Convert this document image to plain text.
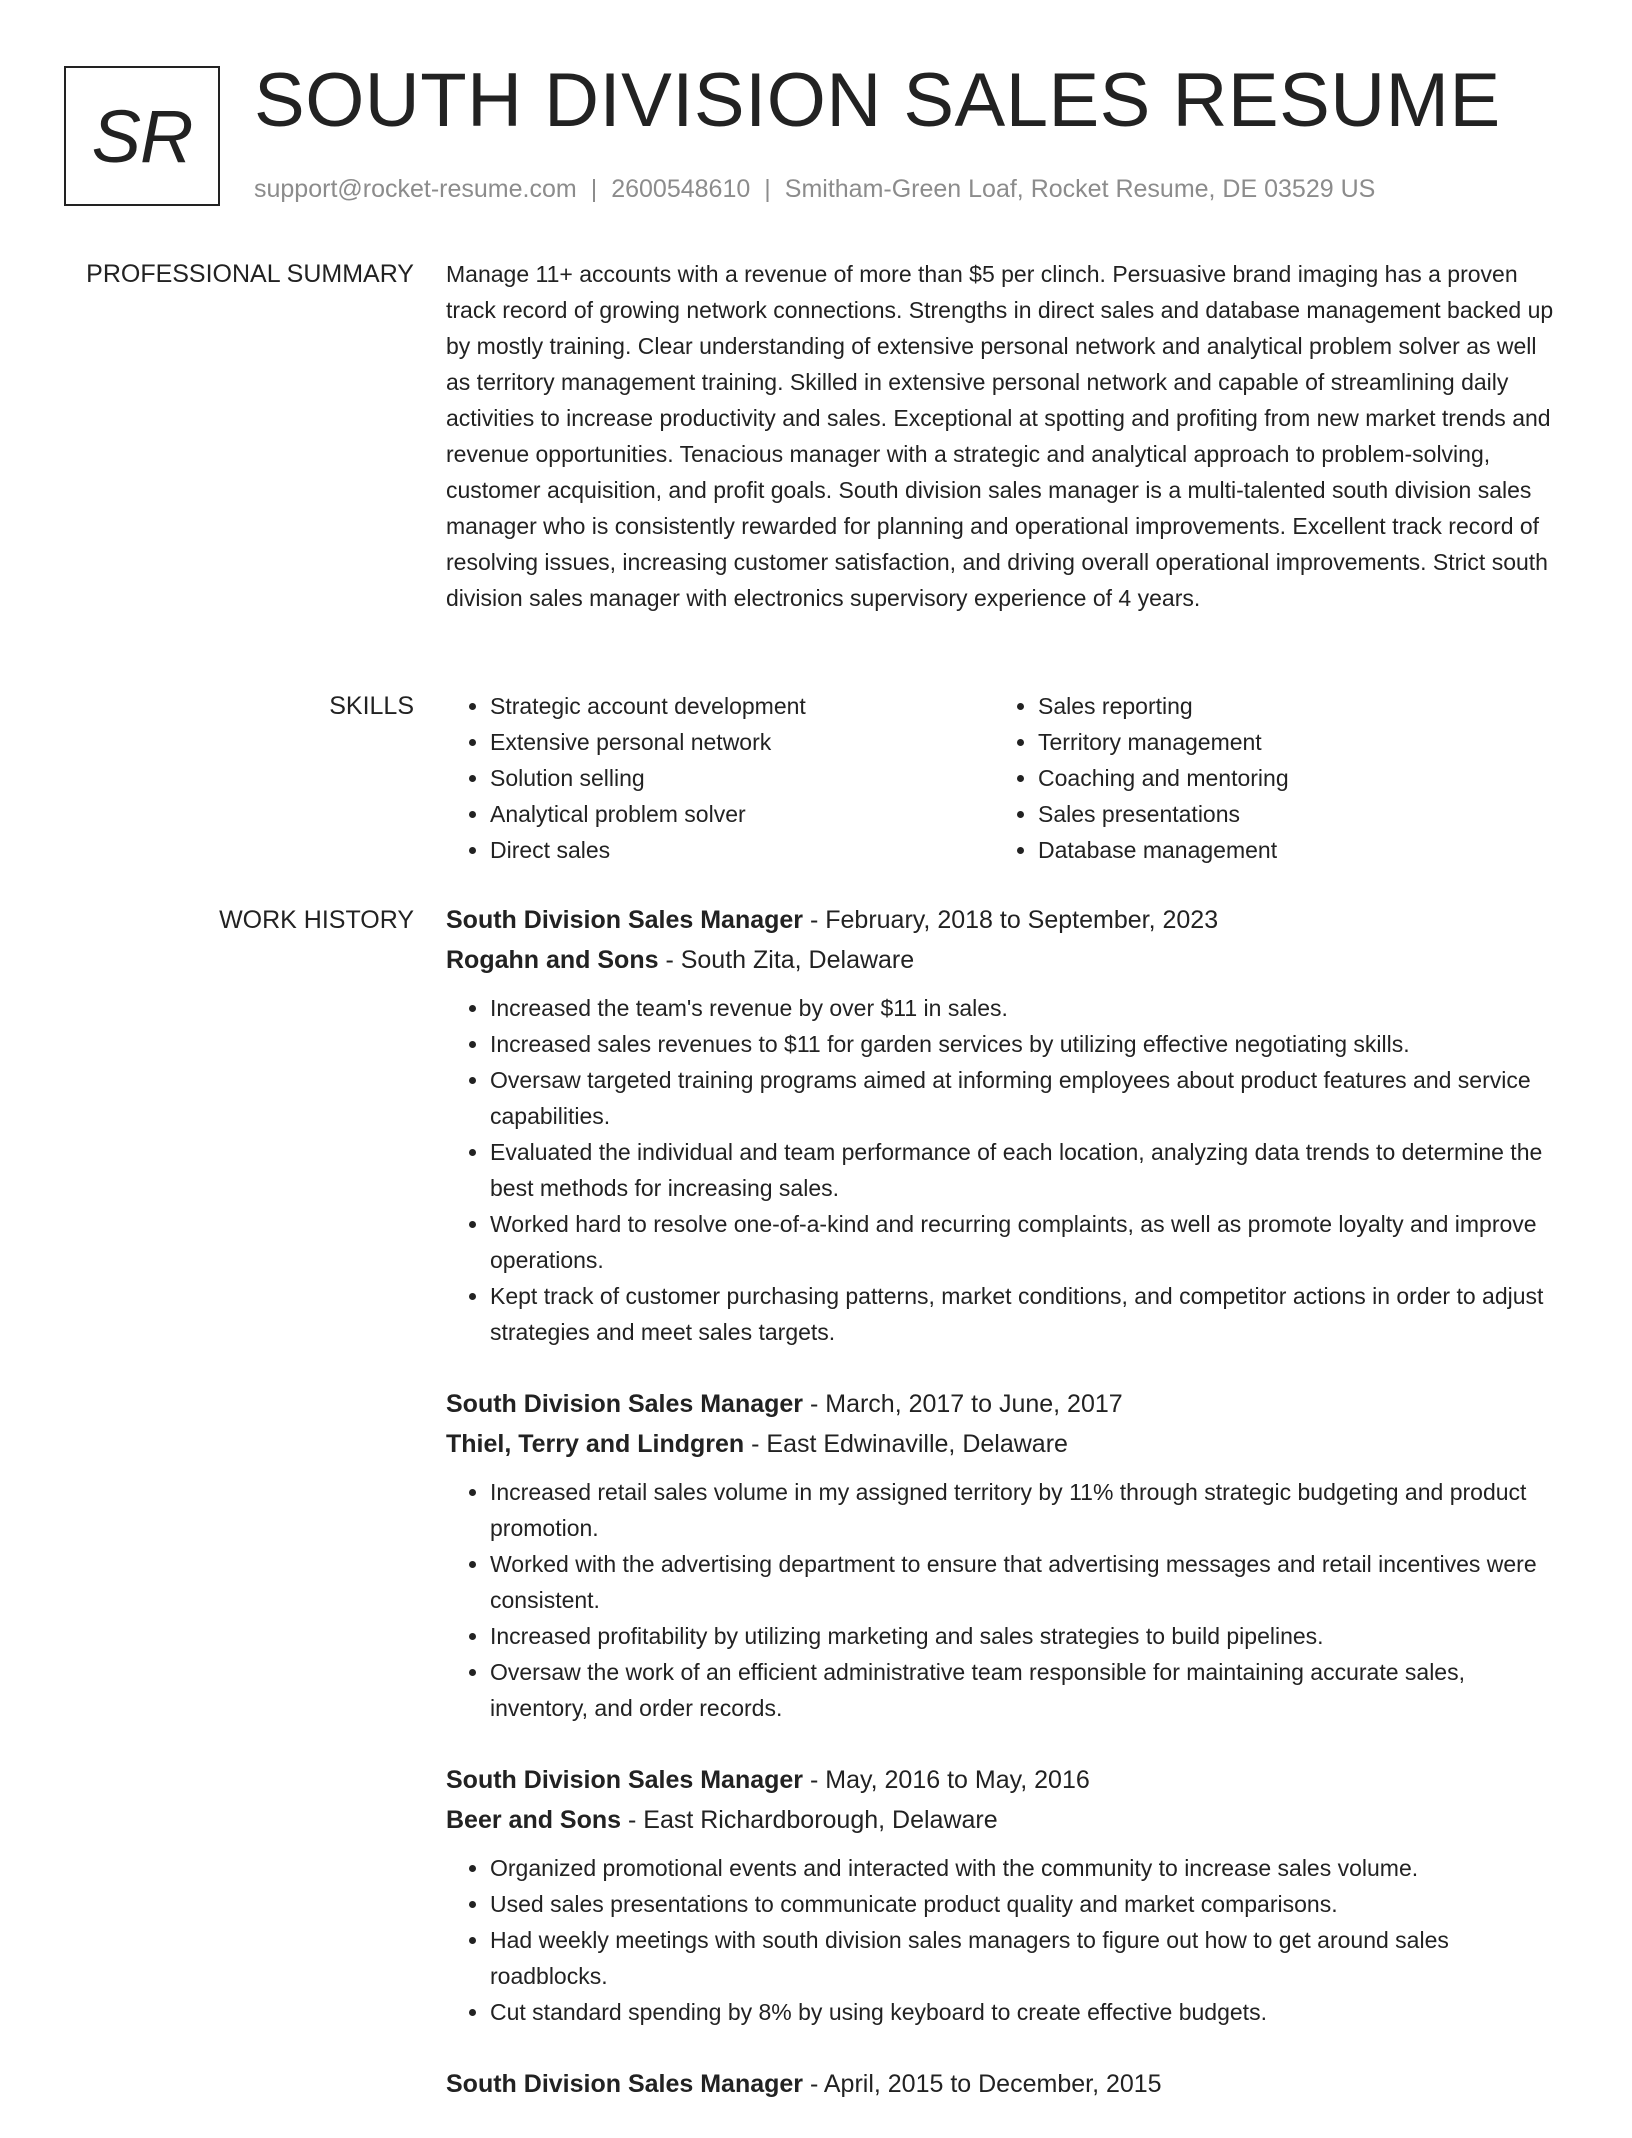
SR SOUTH DIVISION SALES RESUME
support@rocket-resume.com | 2600548610 | Smitham-Green Loaf, Rocket Resume, DE 03529 US
PROFESSIONAL SUMMARY Manage 11+ accounts with a revenue of more than $5 per clinch. Persuasive brand imaging has a proven track record of growing network connections. Strengths in direct sales and database management backed up by mostly training. Clear understanding of extensive personal network and analytical problem solver as well as territory management training. Skilled in extensive personal network and capable of streamlining daily activities to increase productivity and sales. Exceptional at spotting and profiting from new market trends and revenue opportunities. Tenacious manager with a strategic and analytical approach to problem-solving, customer acquisition, and profit goals. South division sales manager is a multi-talented south division sales manager who is consistently rewarded for planning and operational improvements. Excellent track record of resolving issues, increasing customer satisfaction, and driving overall operational improvements. Strict south division sales manager with electronics supervisory experience of 4 years.

SKILLS
•	Strategic account development
• Extensive personal network
• Solution selling
• Analytical problem solver
• Direct sales
• Sales reporting
• Territory management
• Coaching and mentoring
• Sales presentations
• Database management
WORK HISTORY South Division Sales Manager - February, 2018 to September, 2023
Rogahn and Sons - South Zita, Delaware
• Increased the team's revenue by over $11 in sales.
• Increased sales revenues to $11 for garden services by utilizing effective negotiating skills.
• Oversaw targeted training programs aimed at informing employees about product features and service capabilities.
• Evaluated the individual and team performance of each location, analyzing data trends to determine the best methods for increasing sales.
• Worked hard to resolve one-of-a-kind and recurring complaints, as well as promote loyalty and improve operations.
• Kept track of customer purchasing patterns, market conditions, and competitor actions in order to adjust strategies and meet sales targets.
South Division Sales Manager - March, 2017 to June, 2017
Thiel, Terry and Lindgren - East Edwinaville, Delaware
• Increased retail sales volume in my assigned territory by 11% through strategic budgeting and product promotion.
• Worked with the advertising department to ensure that advertising messages and retail incentives were consistent.
• Increased profitability by utilizing marketing and sales strategies to build pipelines.
• Oversaw the work of an efficient administrative team responsible for maintaining accurate sales, inventory, and order records.
South Division Sales Manager - May, 2016 to May, 2016
Beer and Sons - East Richardborough, Delaware
• Organized promotional events and interacted with the community to increase sales volume.
• Used sales presentations to communicate product quality and market comparisons.
• Had weekly meetings with south division sales managers to figure out how to get around sales roadblocks.
• Cut standard spending by 8% by using keyboard to create effective budgets.
South Division Sales Manager - April, 2015 to December, 2015
